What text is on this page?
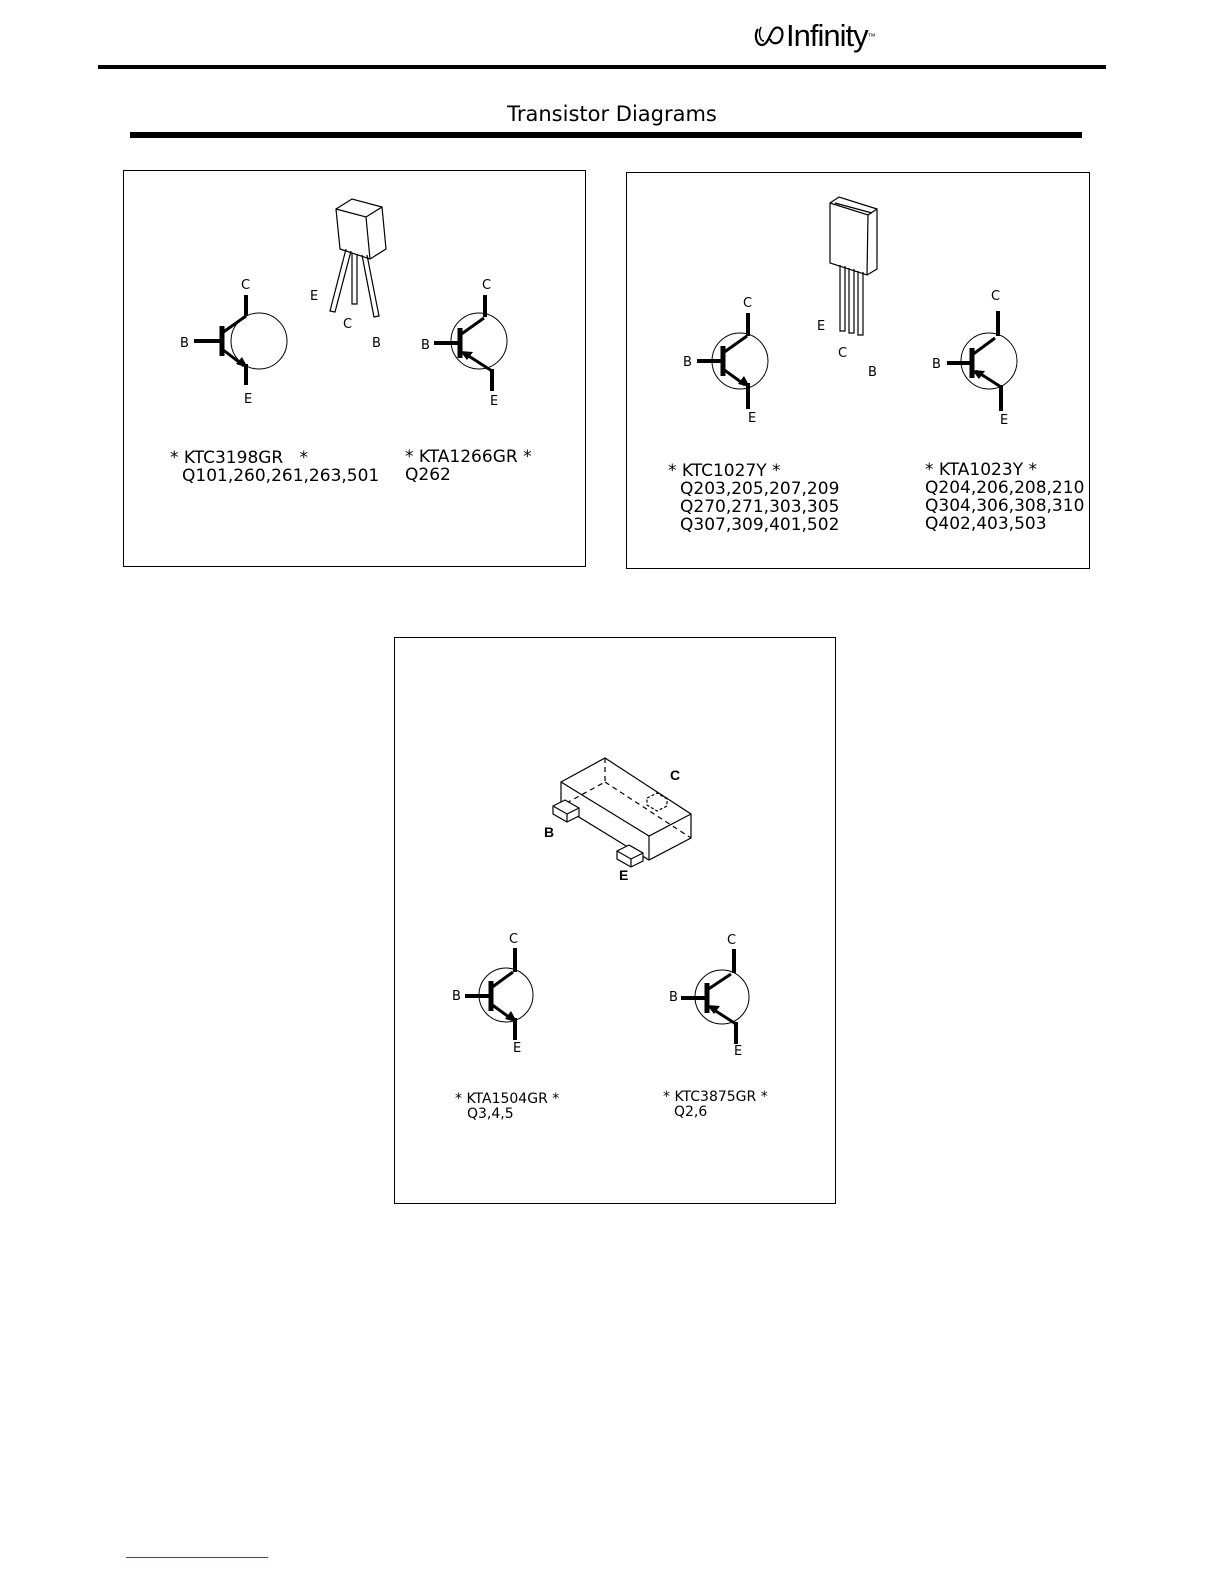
Infinity ™
Transistor Diagrams
E
C
B
C
B
E
C
B
E
* KTC3198GR   *
Q101,260,261,263,501
* KTA1266GR *
Q262
E
C
B
C
B
E
C
B
E
* KTC1027Y *
Q203,205,207,209
Q270,271,303,305
Q307,309,401,502
* KTA1023Y *
Q204,206,208,210
Q304,306,308,310
Q402,403,503
C
B
E
C
B
E
C
B
E
* KTA1504GR *
Q3,4,5
* KTC3875GR *
Q2,6
